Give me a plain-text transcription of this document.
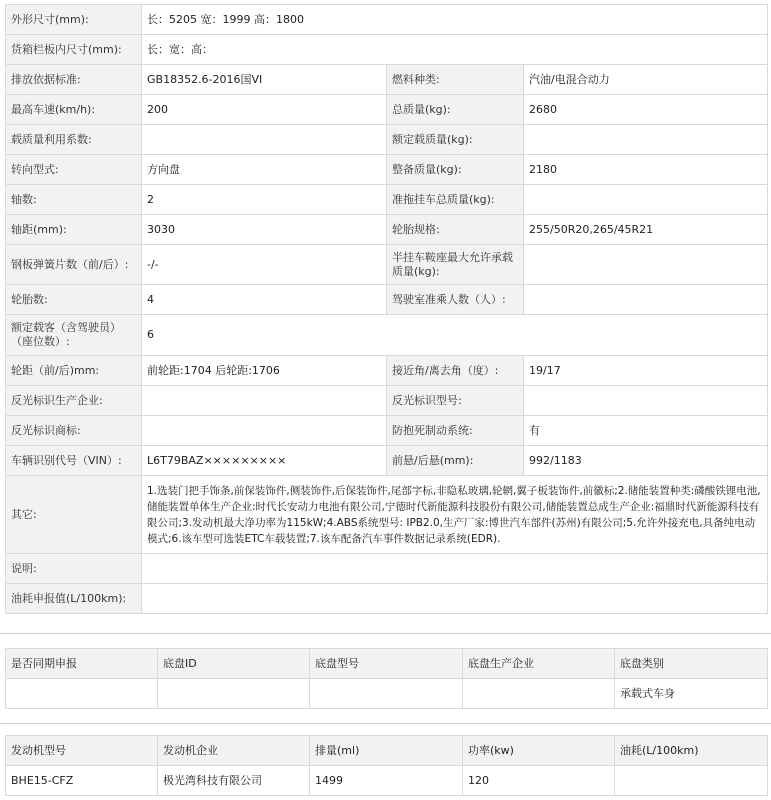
外形尺寸(mm):	长：5205 宽：1999 高：1800		
货箱栏板内尺寸(mm):	长：宽：高：		
排放依据标准:	GB18352.6-2016国VI	燃料种类:	汽油/电混合动力
最高车速(km/h):	200	总质量(kg):	2680
载质量利用系数:		额定载质量(kg):	
转向型式:	方向盘	整备质量(kg):	2180
轴数:	2	准拖挂车总质量(kg):	
轴距(mm):	3030	轮胎规格:	255/50R20,265/45R21
钢板弹簧片数（前/后）:	-/-	半挂车鞍座最大允许承载质量(kg):	
轮胎数:	4	驾驶室准乘人数（人）:	
额定载客（含驾驶员）（座位数）:	6		
轮距（前/后)mm:	前轮距:1704 后轮距:1706	接近角/离去角（度）:	19/17
反光标识生产企业:		反光标识型号:	
反光标识商标:		防抱死制动系统:	有
车辆识别代号（VIN）:	L6T79BAZ×××××××××	前悬/后悬(mm):	992/1183
其它:	1.选装门把手饰条,前保装饰件,侧装饰件,后保装饰件,尾部字标,非隐私玻璃,轮辋,翼子板装饰件,前徽标;2.储能装置种类:磷酸铁锂电池,储能装置单体生产企业:时代长安动力电池有限公司,宁德时代新能源科技股份有限公司,储能装置总成生产企业:福鼎时代新能源科技有限公司;3.发动机最大净功率为115kW;4.ABS系统型号: IPB2.0,生产厂家:博世汽车部件(苏州)有限公司;5.允许外接充电,具备纯电动模式;6.该车型可选装ETC车载装置;7.该车配备汽车事件数据记录系统(EDR).		
说明:			
油耗申报值(L/100km):			
是否同期申报	底盘ID	底盘型号	底盘生产企业	底盘类别
				承载式车身
发动机型号	发动机企业	排量(ml)	功率(kw)	油耗(L/100km)
BHE15-CFZ	极光湾科技有限公司	1499	120	
